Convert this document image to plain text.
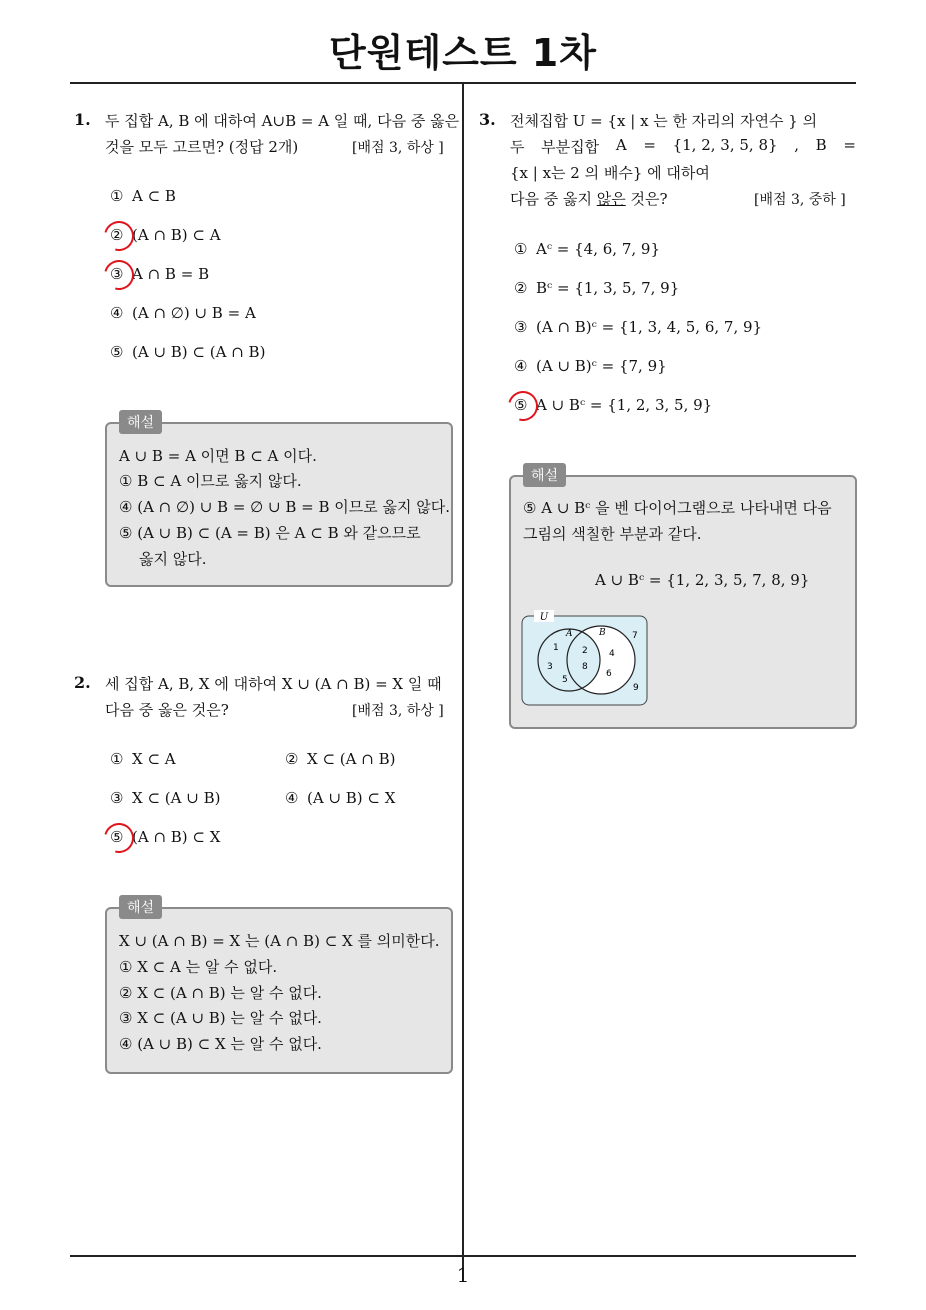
단원테스트 1차
1. 두 집합 A, B 에 대하여 A∪B = A 일 때, 다음 중 옳은
것을 모두 고르면? (정답 2개)	[배점 3, 하상 ]
① A ⊂ B
② (A ∩ B) ⊂ A
③ A ∩ B = B
④ (A ∩ ∅) ∪ B = A
⑤ (A ∪ B) ⊂ (A ∩ B)
해설
A ∪ B = A 이면 B ⊂ A 이다.
① B ⊂ A 이므로 옳지 않다.
④ (A ∩ ∅) ∪ B = ∅ ∪ B = B 이므로 옳지 않다.
⑤ (A ∪ B) ⊂ (A = B) 은 A ⊂ B 와 같으므로
옳지 않다.
2. 세 집합 A, B, X 에 대하여 X ∪ (A ∩ B) = X 일 때
다음 중 옳은 것은?	[배점 3, 하상 ]
① X ⊂ A	② X ⊂ (A ∩ B)
③ X ⊂ (A ∪ B)	④ (A ∪ B) ⊂ X
⑤ (A ∩ B) ⊂ X
해설
X ∪ (A ∩ B) = X 는 (A ∩ B) ⊂ X 를 의미한다.
① X ⊂ A 는 알 수 없다.
② X ⊂ (A ∩ B) 는 알 수 없다.
③ X ⊂ (A ∪ B) 는 알 수 없다.
④ (A ∪ B) ⊂ X 는 알 수 없다.
3. 전체집합 U = {x | x 는 한 자리의 자연수 } 의
두 부분집합 A = {1, 2, 3, 5, 8} , B =
{x | x는 2 의 배수} 에 대하여
다음 중 옳지 않은 것은?	[배점 3, 중하 ]
① Aᶜ = {4, 6, 7, 9}
② Bᶜ = {1, 3, 5, 7, 9}
③ (A ∩ B)ᶜ = {1, 3, 4, 5, 6, 7, 9}
④ (A ∪ B)ᶜ = {7, 9}
⑤ A ∪ Bᶜ = {1, 2, 3, 5, 9}
해설
⑤ A ∪ Bᶜ 을 벤 다이어그램으로 나타내면 다음
그림의 색칠한 부분과 같다.
A ∪ Bᶜ = {1, 2, 3, 5, 7, 8, 9}
U
A	B
1
3
5
2
8
4
6
7
9
1
